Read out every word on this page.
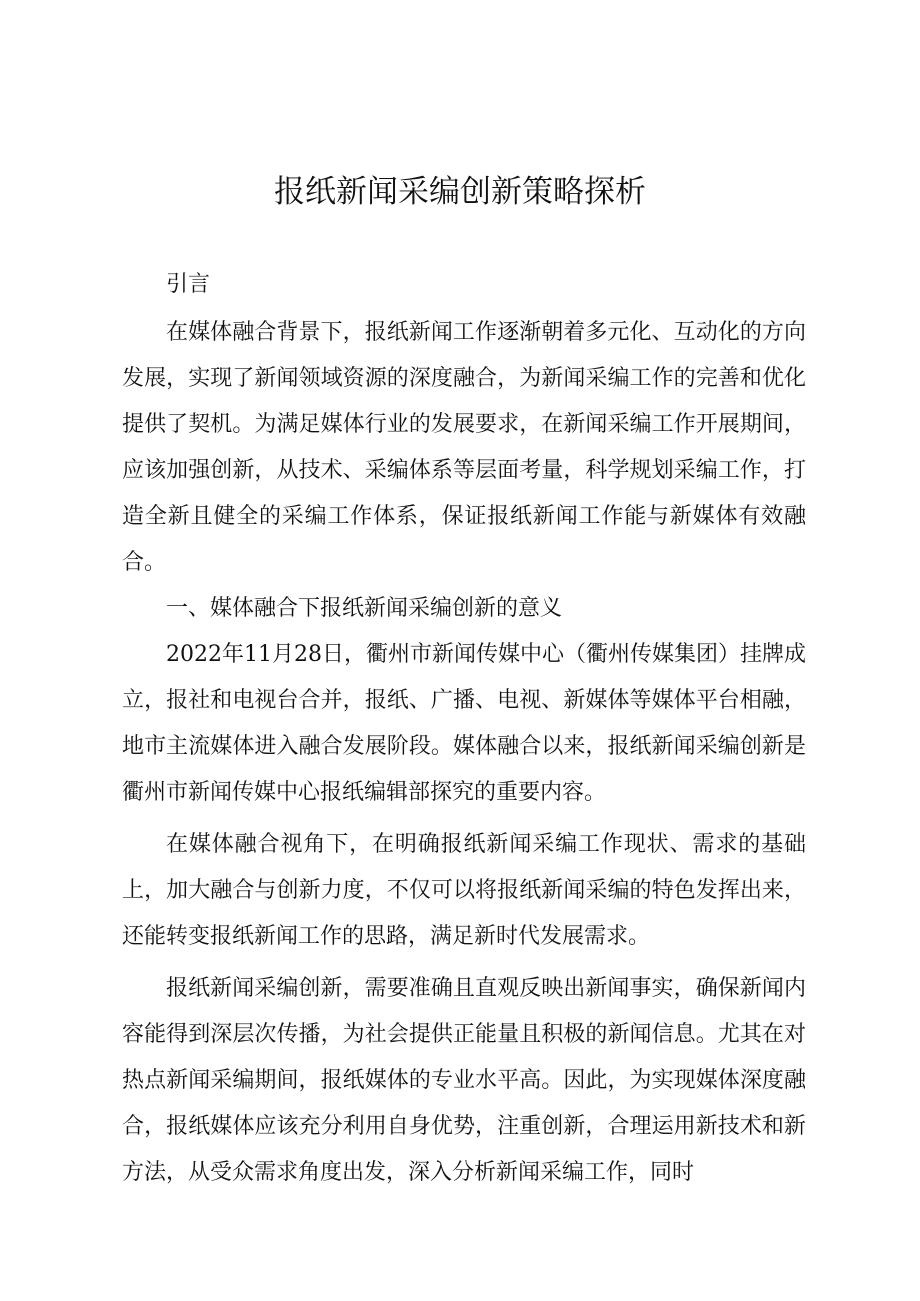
报纸新闻采编创新策略探析

引言

在媒体融合背景下，报纸新闻工作逐渐朝着多元化、互动化的方向发展，实现了新闻领域资源的深度融合，为新闻采编工作的完善和优化提供了契机。为满足媒体行业的发展要求，在新闻采编工作开展期间，应该加强创新，从技术、采编体系等层面考量，科学规划采编工作，打造全新且健全的采编工作体系，保证报纸新闻工作能与新媒体有效融合。

一、媒体融合下报纸新闻采编创新的意义

2022年11月28日，衢州市新闻传媒中心（衢州传媒集团）挂牌成立，报社和电视台合并，报纸、广播、电视、新媒体等媒体平台相融，地市主流媒体进入融合发展阶段。媒体融合以来，报纸新闻采编创新是衢州市新闻传媒中心报纸编辑部探究的重要内容。

在媒体融合视角下，在明确报纸新闻采编工作现状、需求的基础上，加大融合与创新力度，不仅可以将报纸新闻采编的特色发挥出来，还能转变报纸新闻工作的思路，满足新时代发展需求。

报纸新闻采编创新，需要准确且直观反映出新闻事实，确保新闻内容能得到深层次传播，为社会提供正能量且积极的新闻信息。尤其在对热点新闻采编期间，报纸媒体的专业水平高。因此，为实现媒体深度融合，报纸媒体应该充分利用自身优势，注重创新，合理运用新技术和新方法，从受众需求角度出发，深入分析新闻采编工作，同时
